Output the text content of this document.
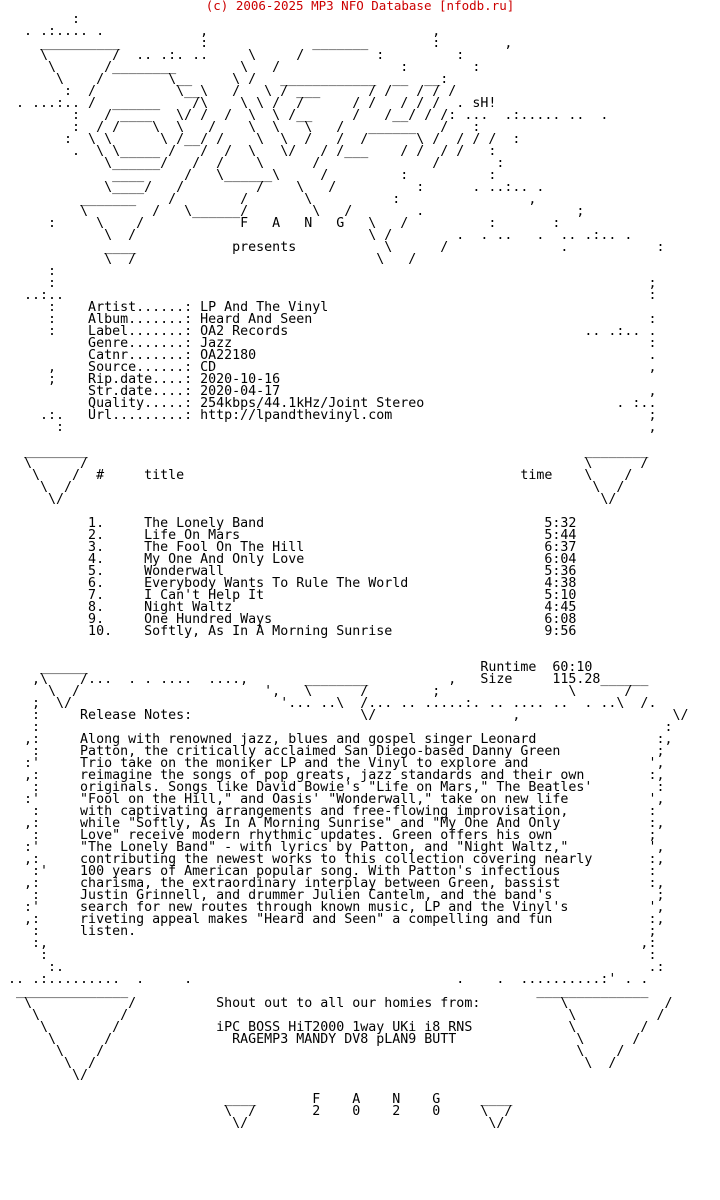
(c) 2006-2025 MP3 NFO Database [nfodb.ru]
:
. .:.... .            ,                            ,
__________          :             _______        :        ,
\        /  .. .:. ..     \     /         :         :
\      /________        \   /               :        :
\    /        \__     \ /   ____________  __  __:
:  /          \__\   /   \ / ___      / /   / / /
. ...:.. /  ______    /\    \ \ /  /      / /   / / /  . sH!
:   / ____   \/ /  /  \  \ /__     /   /__/ / /: ...  .:..... ..  .
:  / /    \  \   /    \  \   \   /   ______   /   :
:  \ \      \ /__/ /    \  \  /   /  /      \ /  / / /  :
.  \ \_____ /   /  /  \   \/   / /___    / /  / /   :
\______/   /  /    \      /              /       :
____     /   \______\     /         :          :
\____/   /         /    \   /          :      . ..:.. .
_______    /        /       \          :                ,
\        /   \______/        \   /        .                   ;
:     \    /            F   A   N   G   \   /          :       :
\  /                             \ /        .  . ..   .  .. .:.. .
____            presents           \      /              .           :
\  /                              \   /
:
:                                                                          ;
..:..                                                                         :
:    Artist......: LP And The Vinyl
:    Album.......: Heard And Seen                                          :
:    Label.......: OA2 Records                                     .. .:.. .
Genre.......: Jazz                                                    :
Catnr.......: OA22180                                                 .
,    Source......: CD                                                      ,
;    Rip.date....: 2020-10-16
Str.date....: 2020-04-17                                              ,
Quality.....: 254kbps/44.1kHz/Joint Stereo                        . :..
.:.   Url.........: http://lpandthevinyl.com                                ;
:                                                                         ,
________                                                              ________
\      /                                                              \      /
\    /  #     title                                          time    \    /
\  /                                                                 \  /
\/                                                                   \/
1.     The Lonely Band                                   5:32
2.     Life On Mars                                      5:44
3.     The Fool On The Hill                              6:37
4.     My One And Only Love                              6:04
5.     Wonderwall                                        5:36
6.     Everybody Wants To Rule The World                 4:38
7.     I Can't Help It                                   5:10
8.     Night Waltz                                       4:45
9.     One Hundred Ways                                  6:08
10.    Softly, As In A Morning Sunrise                   9:56
______                                                 Runtime  60:10
,\    /...  . . ....  ....,       ________          ,   Size     115.28______
\  /                       ',   \      /        ;                \      /
;  \/                          '... ..\  /... .. .....:. .. .... ..  . ..\  /.
:     Release Notes:                     \/                 ,                   \/
:                                                                              :
,:     Along with renowned jazz, blues and gospel singer Leonard               :,
:     Patton, the critically acclaimed San Diego-based Danny Green            ;
:'     Trio take on the moniker LP and the Vinyl to explore and               ',
,:     reimagine the songs of pop greats, jazz standards and their own        :,
:     originals. Songs like David Bowie's "Life on Mars," The Beatles'        :
:'     "Fool on the Hill," and Oasis' "Wonderwall," take on new life          ',
:     with captivating arrangements and free-flowing improvisation,          :
,:     while "Softly, As In A Morning Sunrise" and "My One And Only           :,
:     Love" receive modern rhythmic updates. Green offers his own            ;
:'     "The Lonely Band" - with lyrics by Patton, and "Night Waltz,"          ',
,:     contributing the newest works to this collection covering nearly       :,
:'    100 years of American popular song. With Patton's infectious           :
,:     charisma, the extraordinary interplay between Green, bassist           :,
:     Justin Grinnell, and drummer Julien Cantelm, and the band's             ;
:'     search for new routes through known music, LP and the Vinyl's          ',
,:     riveting appeal makes "Heard and Seen" a compelling and fun            :,
:     listen.                                                                ;
:,                                                                          ,:
:                                                                           :
:.                                                                         .:
.. .:.........  .     .                                 .    .  ..........:' . .
______________                                                   ______________
\            /          Shout out to all our homies from:          \            /
\          /                                                       \          /
\        /            iPC BOSS HiT2000 1way UKi i8 RNS            \        /
\      /               RAGEMP3 MANDY DV8 pLAN9 BUTT               \      /
\    /                                                           \    /
\  /                                                             \  /
\/
____       F    A    N    G     ____
\  /       2    0    2    0     \  /
\/                              \/
